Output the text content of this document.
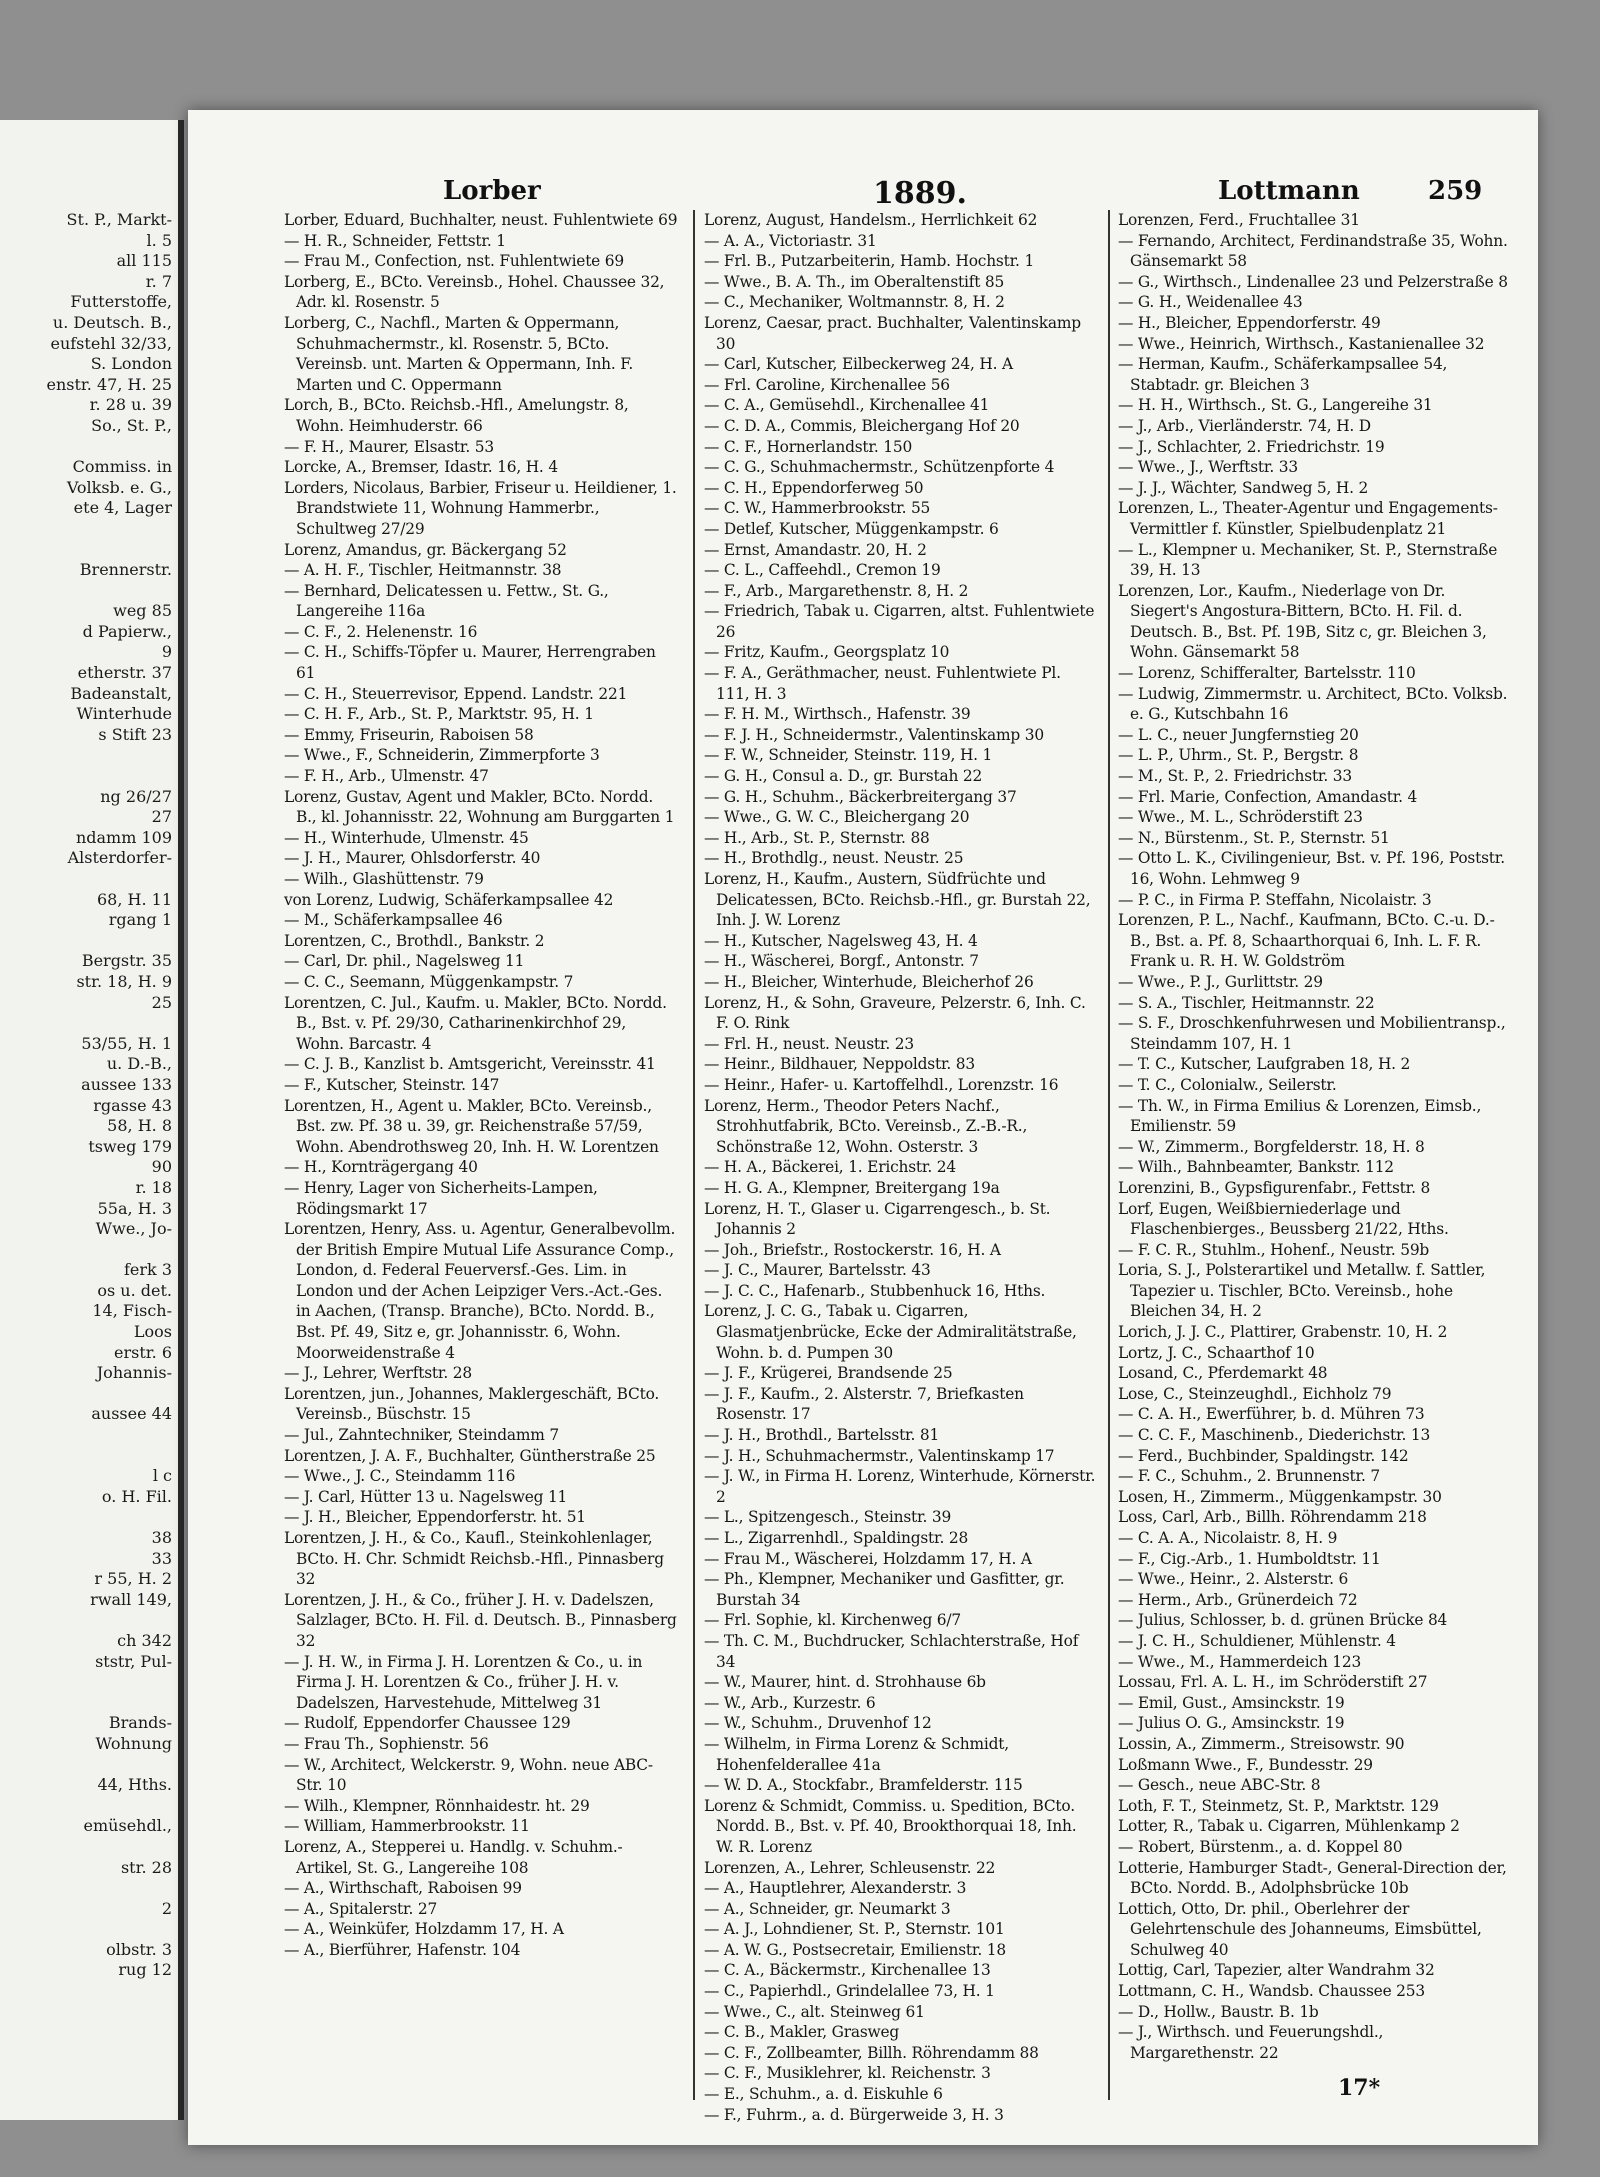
St. P., Markt-
l. 5
all 115
r. 7
Futterstoffe,
u. Deutsch. B.,
eufstehl 32/33,
S. London
enstr. 47, H. 25
r. 28 u. 39
So., St. P.,
Commiss. in
Volksb. e. G.,
ete 4, Lager
Brennerstr.
weg 85
d Papierw.,
9
etherstr. 37
Badeanstalt,
Winterhude
s Stift 23
ng 26/27
27
ndamm 109
Alsterdorfer-
68, H. 11
rgang 1
Bergstr. 35
str. 18, H. 9
25
53/55, H. 1
u. D.-B.,
aussee 133
rgasse 43
58, H. 8
tsweg 179
90
r. 18
55a, H. 3
Wwe., Jo-
ferk 3
os u. det.
14, Fisch-
Loos
erstr. 6
Johannis-
aussee 44
l c
o. H. Fil.
38
33
r 55, H. 2
rwall 149,
ch 342
ststr, Pul-
Brands-
Wohnung
44, Hths.
emüsehdl.,
str. 28
2
olbstr. 3
rug 12
Lorber	1889.	Lottmann	259

Lorber, Eduard, Buchhalter, neust. Fuhlentwiete 69

— H. R., Schneider, Fettstr. 1

— Frau M., Confection, nst. Fuhlentwiete 69

Lorberg, E., BCto. Vereinsb., Hohel. Chaussee 32, Adr. kl. Rosenstr. 5

Lorberg, C., Nachfl., Marten & Oppermann, Schuhmachermstr., kl. Rosenstr. 5, BCto. Vereinsb. unt. Marten & Oppermann, Inh. F. Marten und C. Oppermann

Lorch, B., BCto. Reichsb.-Hfl., Amelungstr. 8, Wohn. Heimhuderstr. 66

— F. H., Maurer, Elsastr. 53

Lorcke, A., Bremser, Idastr. 16, H. 4

Lorders, Nicolaus, Barbier, Friseur u. Heildiener, 1. Brandstwiete 11, Wohnung Hammerbr., Schultweg 27/29

Lorenz, Amandus, gr. Bäckergang 52

— A. H. F., Tischler, Heitmannstr. 38

— Bernhard, Delicatessen u. Fettw., St. G., Langereihe 116a

— C. F., 2. Helenenstr. 16

— C. H., Schiffs-Töpfer u. Maurer, Herrengraben 61

— C. H., Steuerrevisor, Eppend. Landstr. 221

— C. H. F., Arb., St. P., Marktstr. 95, H. 1

— Emmy, Friseurin, Raboisen 58

— Wwe., F., Schneiderin, Zimmerpforte 3

— F. H., Arb., Ulmenstr. 47

Lorenz, Gustav, Agent und Makler, BCto. Nordd. B., kl. Johannisstr. 22, Wohnung am Burggarten 1

— H., Winterhude, Ulmenstr. 45

— J. H., Maurer, Ohlsdorferstr. 40

— Wilh., Glashüttenstr. 79

von Lorenz, Ludwig, Schäferkampsallee 42

— M., Schäferkampsallee 46

Lorentzen, C., Brothdl., Bankstr. 2

— Carl, Dr. phil., Nagelsweg 11

— C. C., Seemann, Müggenkampstr. 7

Lorentzen, C. Jul., Kaufm. u. Makler, BCto. Nordd. B., Bst. v. Pf. 29/30, Catharinenkirchhof 29, Wohn. Barcastr. 4

— C. J. B., Kanzlist b. Amtsgericht, Vereinsstr. 41

— F., Kutscher, Steinstr. 147

Lorentzen, H., Agent u. Makler, BCto. Vereinsb., Bst. zw. Pf. 38 u. 39, gr. Reichenstraße 57/59, Wohn. Abendrothsweg 20, Inh. H. W. Lorentzen

— H., Kornträgergang 40

— Henry, Lager von Sicherheits-Lampen, Rödingsmarkt 17

Lorentzen, Henry, Ass. u. Agentur, Generalbevollm. der British Empire Mutual Life Assurance Comp., London, d. Federal Feuerversf.-Ges. Lim. in London und der Achen Leipziger Vers.-Act.-Ges. in Aachen, (Transp. Branche), BCto. Nordd. B., Bst. Pf. 49, Sitz e, gr. Johannisstr. 6, Wohn. Moorweidenstraße 4

— J., Lehrer, Werftstr. 28

Lorentzen, jun., Johannes, Maklergeschäft, BCto. Vereinsb., Büschstr. 15

— Jul., Zahntechniker, Steindamm 7

Lorentzen, J. A. F., Buchhalter, Güntherstraße 25

— Wwe., J. C., Steindamm 116

— J. Carl, Hütter 13 u. Nagelsweg 11

— J. H., Bleicher, Eppendorferstr. ht. 51

Lorentzen, J. H., & Co., Kaufl., Steinkohlenlager, BCto. H. Chr. Schmidt Reichsb.-Hfl., Pinnasberg 32

Lorentzen, J. H., & Co., früher J. H. v. Dadelszen, Salzlager, BCto. H. Fil. d. Deutsch. B., Pinnasberg 32

— J. H. W., in Firma J. H. Lorentzen & Co., u. in Firma J. H. Lorentzen & Co., früher J. H. v. Dadelszen, Harvestehude, Mittelweg 31

— Rudolf, Eppendorfer Chaussee 129

— Frau Th., Sophienstr. 56

— W., Architect, Welckerstr. 9, Wohn. neue ABC-Str. 10

— Wilh., Klempner, Rönnhaidestr. ht. 29

— William, Hammerbrookstr. 11

Lorenz, A., Stepperei u. Handlg. v. Schuhm.-Artikel, St. G., Langereihe 108

— A., Wirthschaft, Raboisen 99

— A., Spitalerstr. 27

— A., Weinküfer, Holzdamm 17, H. A

— A., Bierführer, Hafenstr. 104

Lorenz, August, Handelsm., Herrlichkeit 62

— A. A., Victoriastr. 31

— Frl. B., Putzarbeiterin, Hamb. Hochstr. 1

— Wwe., B. A. Th., im Oberaltenstift 85

— C., Mechaniker, Woltmannstr. 8, H. 2

Lorenz, Caesar, pract. Buchhalter, Valentinskamp 30

— Carl, Kutscher, Eilbeckerweg 24, H. A

— Frl. Caroline, Kirchenallee 56

— C. A., Gemüsehdl., Kirchenallee 41

— C. D. A., Commis, Bleichergang Hof 20

— C. F., Hornerlandstr. 150

— C. G., Schuhmachermstr., Schützenpforte 4

— C. H., Eppendorferweg 50

— C. W., Hammerbrookstr. 55

— Detlef, Kutscher, Müggenkampstr. 6

— Ernst, Amandastr. 20, H. 2

— C. L., Caffeehdl., Cremon 19

— F., Arb., Margarethenstr. 8, H. 2

— Friedrich, Tabak u. Cigarren, altst. Fuhlentwiete 26

— Fritz, Kaufm., Georgsplatz 10

— F. A., Geräthmacher, neust. Fuhlentwiete Pl. 111, H. 3

— F. H. M., Wirthsch., Hafenstr. 39

— F. J. H., Schneidermstr., Valentinskamp 30

— F. W., Schneider, Steinstr. 119, H. 1

— G. H., Consul a. D., gr. Burstah 22

— G. H., Schuhm., Bäckerbreitergang 37

— Wwe., G. W. C., Bleichergang 20

— H., Arb., St. P., Sternstr. 88

— H., Brothdlg., neust. Neustr. 25

Lorenz, H., Kaufm., Austern, Südfrüchte und Delicatessen, BCto. Reichsb.-Hfl., gr. Burstah 22, Inh. J. W. Lorenz

— H., Kutscher, Nagelsweg 43, H. 4

— H., Wäscherei, Borgf., Antonstr. 7

— H., Bleicher, Winterhude, Bleicherhof 26

Lorenz, H., & Sohn, Graveure, Pelzerstr. 6, Inh. C. F. O. Rink

— Frl. H., neust. Neustr. 23

— Heinr., Bildhauer, Neppoldstr. 83

— Heinr., Hafer- u. Kartoffelhdl., Lorenzstr. 16

Lorenz, Herm., Theodor Peters Nachf., Strohhutfabrik, BCto. Vereinsb., Z.-B.-R., Schönstraße 12, Wohn. Osterstr. 3

— H. A., Bäckerei, 1. Erichstr. 24

— H. G. A., Klempner, Breitergang 19a

Lorenz, H. T., Glaser u. Cigarrengesch., b. St. Johannis 2

— Joh., Briefstr., Rostockerstr. 16, H. A

— J. C., Maurer, Bartelsstr. 43

— J. C. C., Hafenarb., Stubbenhuck 16, Hths.

Lorenz, J. C. G., Tabak u. Cigarren, Glasmatjenbrücke, Ecke der Admiralitätstraße, Wohn. b. d. Pumpen 30

— J. F., Krügerei, Brandsende 25

— J. F., Kaufm., 2. Alsterstr. 7, Briefkasten Rosenstr. 17

— J. H., Brothdl., Bartelsstr. 81

— J. H., Schuhmachermstr., Valentinskamp 17

— J. W., in Firma H. Lorenz, Winterhude, Körnerstr. 2

— L., Spitzengesch., Steinstr. 39

— L., Zigarrenhdl., Spaldingstr. 28

— Frau M., Wäscherei, Holzdamm 17, H. A

— Ph., Klempner, Mechaniker und Gasfitter, gr. Burstah 34

— Frl. Sophie, kl. Kirchenweg 6/7

— Th. C. M., Buchdrucker, Schlachterstraße, Hof 34

— W., Maurer, hint. d. Strohhause 6b

— W., Arb., Kurzestr. 6

— W., Schuhm., Druvenhof 12

— Wilhelm, in Firma Lorenz & Schmidt, Hohenfelderallee 41a

— W. D. A., Stockfabr., Bramfelderstr. 115

Lorenz & Schmidt, Commiss. u. Spedition, BCto. Nordd. B., Bst. v. Pf. 40, Brookthorquai 18, Inh. W. R. Lorenz

Lorenzen, A., Lehrer, Schleusenstr. 22

— A., Hauptlehrer, Alexanderstr. 3

— A., Schneider, gr. Neumarkt 3

— A. J., Lohndiener, St. P., Sternstr. 101

— A. W. G., Postsecretair, Emilienstr. 18

— C. A., Bäckermstr., Kirchenallee 13

— C., Papierhdl., Grindelallee 73, H. 1

— Wwe., C., alt. Steinweg 61

— C. B., Makler, Grasweg

— C. F., Zollbeamter, Billh. Röhrendamm 88

— C. F., Musiklehrer, kl. Reichenstr. 3

— E., Schuhm., a. d. Eiskuhle 6

— F., Fuhrm., a. d. Bürgerweide 3, H. 3

Lorenzen, Ferd., Fruchtallee 31

— Fernando, Architect, Ferdinandstraße 35, Wohn. Gänsemarkt 58

— G., Wirthsch., Lindenallee 23 und Pelzerstraße 8

— G. H., Weidenallee 43

— H., Bleicher, Eppendorferstr. 49

— Wwe., Heinrich, Wirthsch., Kastanienallee 32

— Herman, Kaufm., Schäferkampsallee 54, Stabtadr. gr. Bleichen 3

— H. H., Wirthsch., St. G., Langereihe 31

— J., Arb., Vierländerstr. 74, H. D

— J., Schlachter, 2. Friedrichstr. 19

— Wwe., J., Werftstr. 33

— J. J., Wächter, Sandweg 5, H. 2

Lorenzen, L., Theater-Agentur und Engagements-Vermittler f. Künstler, Spielbudenplatz 21

— L., Klempner u. Mechaniker, St. P., Sternstraße 39, H. 13

Lorenzen, Lor., Kaufm., Niederlage von Dr. Siegert's Angostura-Bittern, BCto. H. Fil. d. Deutsch. B., Bst. Pf. 19B, Sitz c, gr. Bleichen 3, Wohn. Gänsemarkt 58

— Lorenz, Schifferalter, Bartelsstr. 110

— Ludwig, Zimmermstr. u. Architect, BCto. Volksb. e. G., Kutschbahn 16

— L. C., neuer Jungfernstieg 20

— L. P., Uhrm., St. P., Bergstr. 8

— M., St. P., 2. Friedrichstr. 33

— Frl. Marie, Confection, Amandastr. 4

— Wwe., M. L., Schröderstift 23

— N., Bürstenm., St. P., Sternstr. 51

— Otto L. K., Civilingenieur, Bst. v. Pf. 196, Poststr. 16, Wohn. Lehmweg 9

— P. C., in Firma P. Steffahn, Nicolaistr. 3

Lorenzen, P. L., Nachf., Kaufmann, BCto. C.-u. D.-B., Bst. a. Pf. 8, Schaarthorquai 6, Inh. L. F. R. Frank u. R. H. W. Goldström

— Wwe., P. J., Gurlittstr. 29

— S. A., Tischler, Heitmannstr. 22

— S. F., Droschkenfuhrwesen und Mobilientransp., Steindamm 107, H. 1

— T. C., Kutscher, Laufgraben 18, H. 2

— T. C., Colonialw., Seilerstr.

— Th. W., in Firma Emilius & Lorenzen, Eimsb., Emilienstr. 59

— W., Zimmerm., Borgfelderstr. 18, H. 8

— Wilh., Bahnbeamter, Bankstr. 112

Lorenzini, B., Gypsfigurenfabr., Fettstr. 8

Lorf, Eugen, Weißbierniederlage und Flaschenbierges., Beussberg 21/22, Hths.

— F. C. R., Stuhlm., Hohenf., Neustr. 59b

Loria, S. J., Polsterartikel und Metallw. f. Sattler, Tapezier u. Tischler, BCto. Vereinsb., hohe Bleichen 34, H. 2

Lorich, J. J. C., Plattirer, Grabenstr. 10, H. 2

Lortz, J. C., Schaarthof 10

Losand, C., Pferdemarkt 48

Lose, C., Steinzeughdl., Eichholz 79

— C. A. H., Ewerführer, b. d. Mühren 73

— C. C. F., Maschinenb., Diederichstr. 13

— Ferd., Buchbinder, Spaldingstr. 142

— F. C., Schuhm., 2. Brunnenstr. 7

Losen, H., Zimmerm., Müggenkampstr. 30

Loss, Carl, Arb., Billh. Röhrendamm 218

— C. A. A., Nicolaistr. 8, H. 9

— F., Cig.-Arb., 1. Humboldtstr. 11

— Wwe., Heinr., 2. Alsterstr. 6

— Herm., Arb., Grünerdeich 72

— Julius, Schlosser, b. d. grünen Brücke 84

— J. C. H., Schuldiener, Mühlenstr. 4

— Wwe., M., Hammerdeich 123

Lossau, Frl. A. L. H., im Schröderstift 27

— Emil, Gust., Amsinckstr. 19

— Julius O. G., Amsinckstr. 19

Lossin, A., Zimmerm., Streisowstr. 90

Loßmann Wwe., F., Bundesstr. 29

— Gesch., neue ABC-Str. 8

Loth, F. T., Steinmetz, St. P., Marktstr. 129

Lotter, R., Tabak u. Cigarren, Mühlenkamp 2

— Robert, Bürstenm., a. d. Koppel 80

Lotterie, Hamburger Stadt-, General-Direction der, BCto. Nordd. B., Adolphsbrücke 10b

Lottich, Otto, Dr. phil., Oberlehrer der Gelehrtenschule des Johanneums, Eimsbüttel, Schulweg 40

Lottig, Carl, Tapezier, alter Wandrahm 32

Lottmann, C. H., Wandsb. Chaussee 253

— D., Hollw., Baustr. B. 1b

— J., Wirthsch. und Feuerungshdl., Margarethenstr. 22

17*
